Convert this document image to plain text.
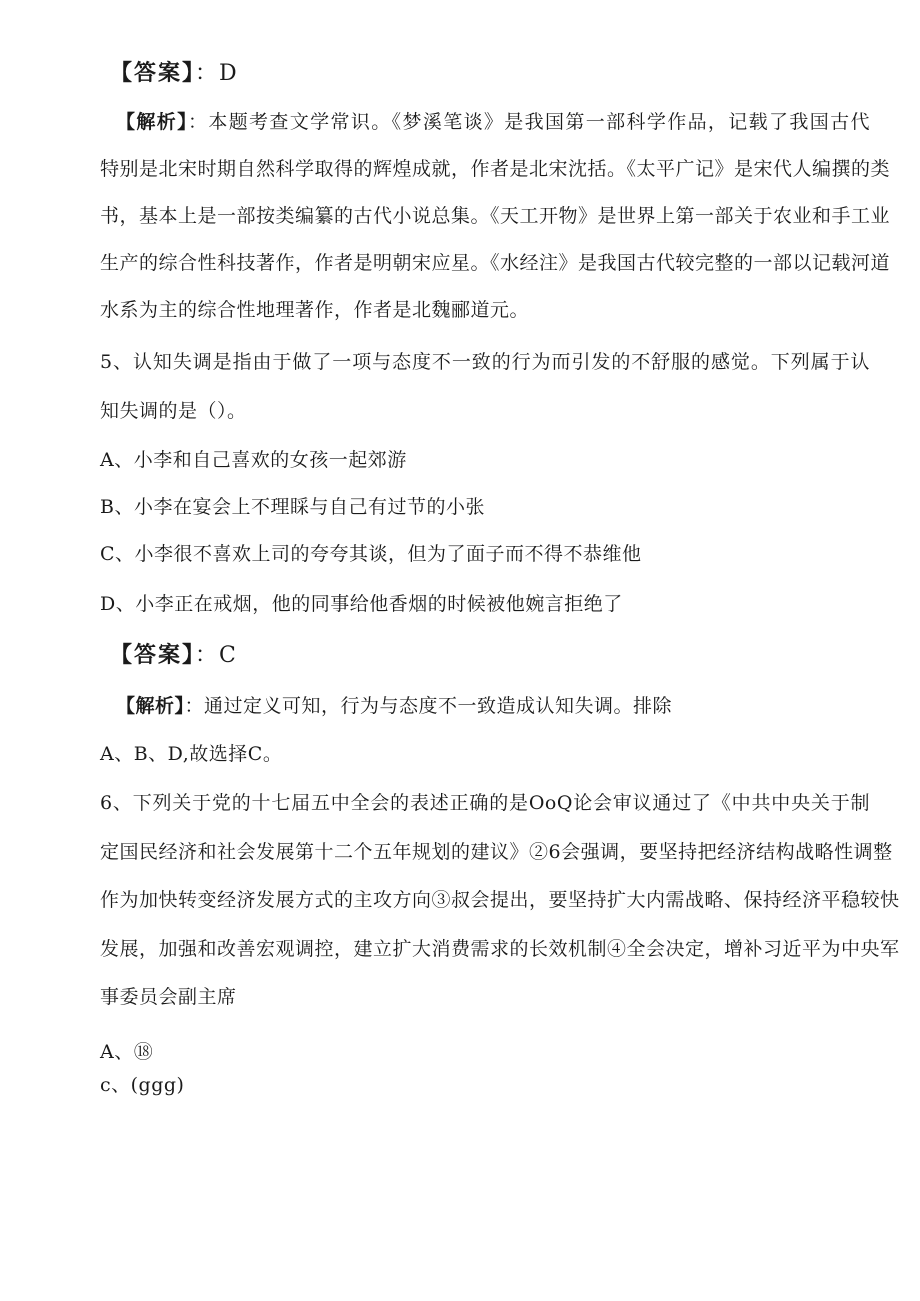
【答案】：D
【解析】：本题考查文学常识。《梦溪笔谈》是我国第一部科学作品，记载了我国古代
特别是北宋时期自然科学取得的辉煌成就，作者是北宋沈括。《太平广记》是宋代人编撰的类
书，基本上是一部按类编纂的古代小说总集。《天工开物》是世界上第一部关于农业和手工业
生产的综合性科技著作，作者是明朝宋应星。《水经注》是我国古代较完整的一部以记载河道
水系为主的综合性地理著作，作者是北魏郦道元。
5、认知失调是指由于做了一项与态度不一致的行为而引发的不舒服的感觉。下列属于认
知失调的是（）。
A、小李和自己喜欢的女孩一起郊游
B、小李在宴会上不理睬与自己有过节的小张
C、小李很不喜欢上司的夸夸其谈，但为了面子而不得不恭维他
D、小李正在戒烟，他的同事给他香烟的时候被他婉言拒绝了
【答案】：C
【解析】：通过定义可知，行为与态度不一致造成认知失调。排除
A、B、D,故选择C。
6、下列关于党的十七届五中全会的表述正确的是OoQ论会审议通过了《中共中央关于制
定国民经济和社会发展第十二个五年规划的建议》②6会强调，要坚持把经济结构战略性调整
作为加快转变经济发展方式的主攻方向③叔会提出，要坚持扩大内需战略、保持经济平稳较快
发展，加强和改善宏观调控，建立扩大消费需求的长效机制④全会决定，增补习近平为中央军
事委员会副主席
A、⑱
c、(ggg)
